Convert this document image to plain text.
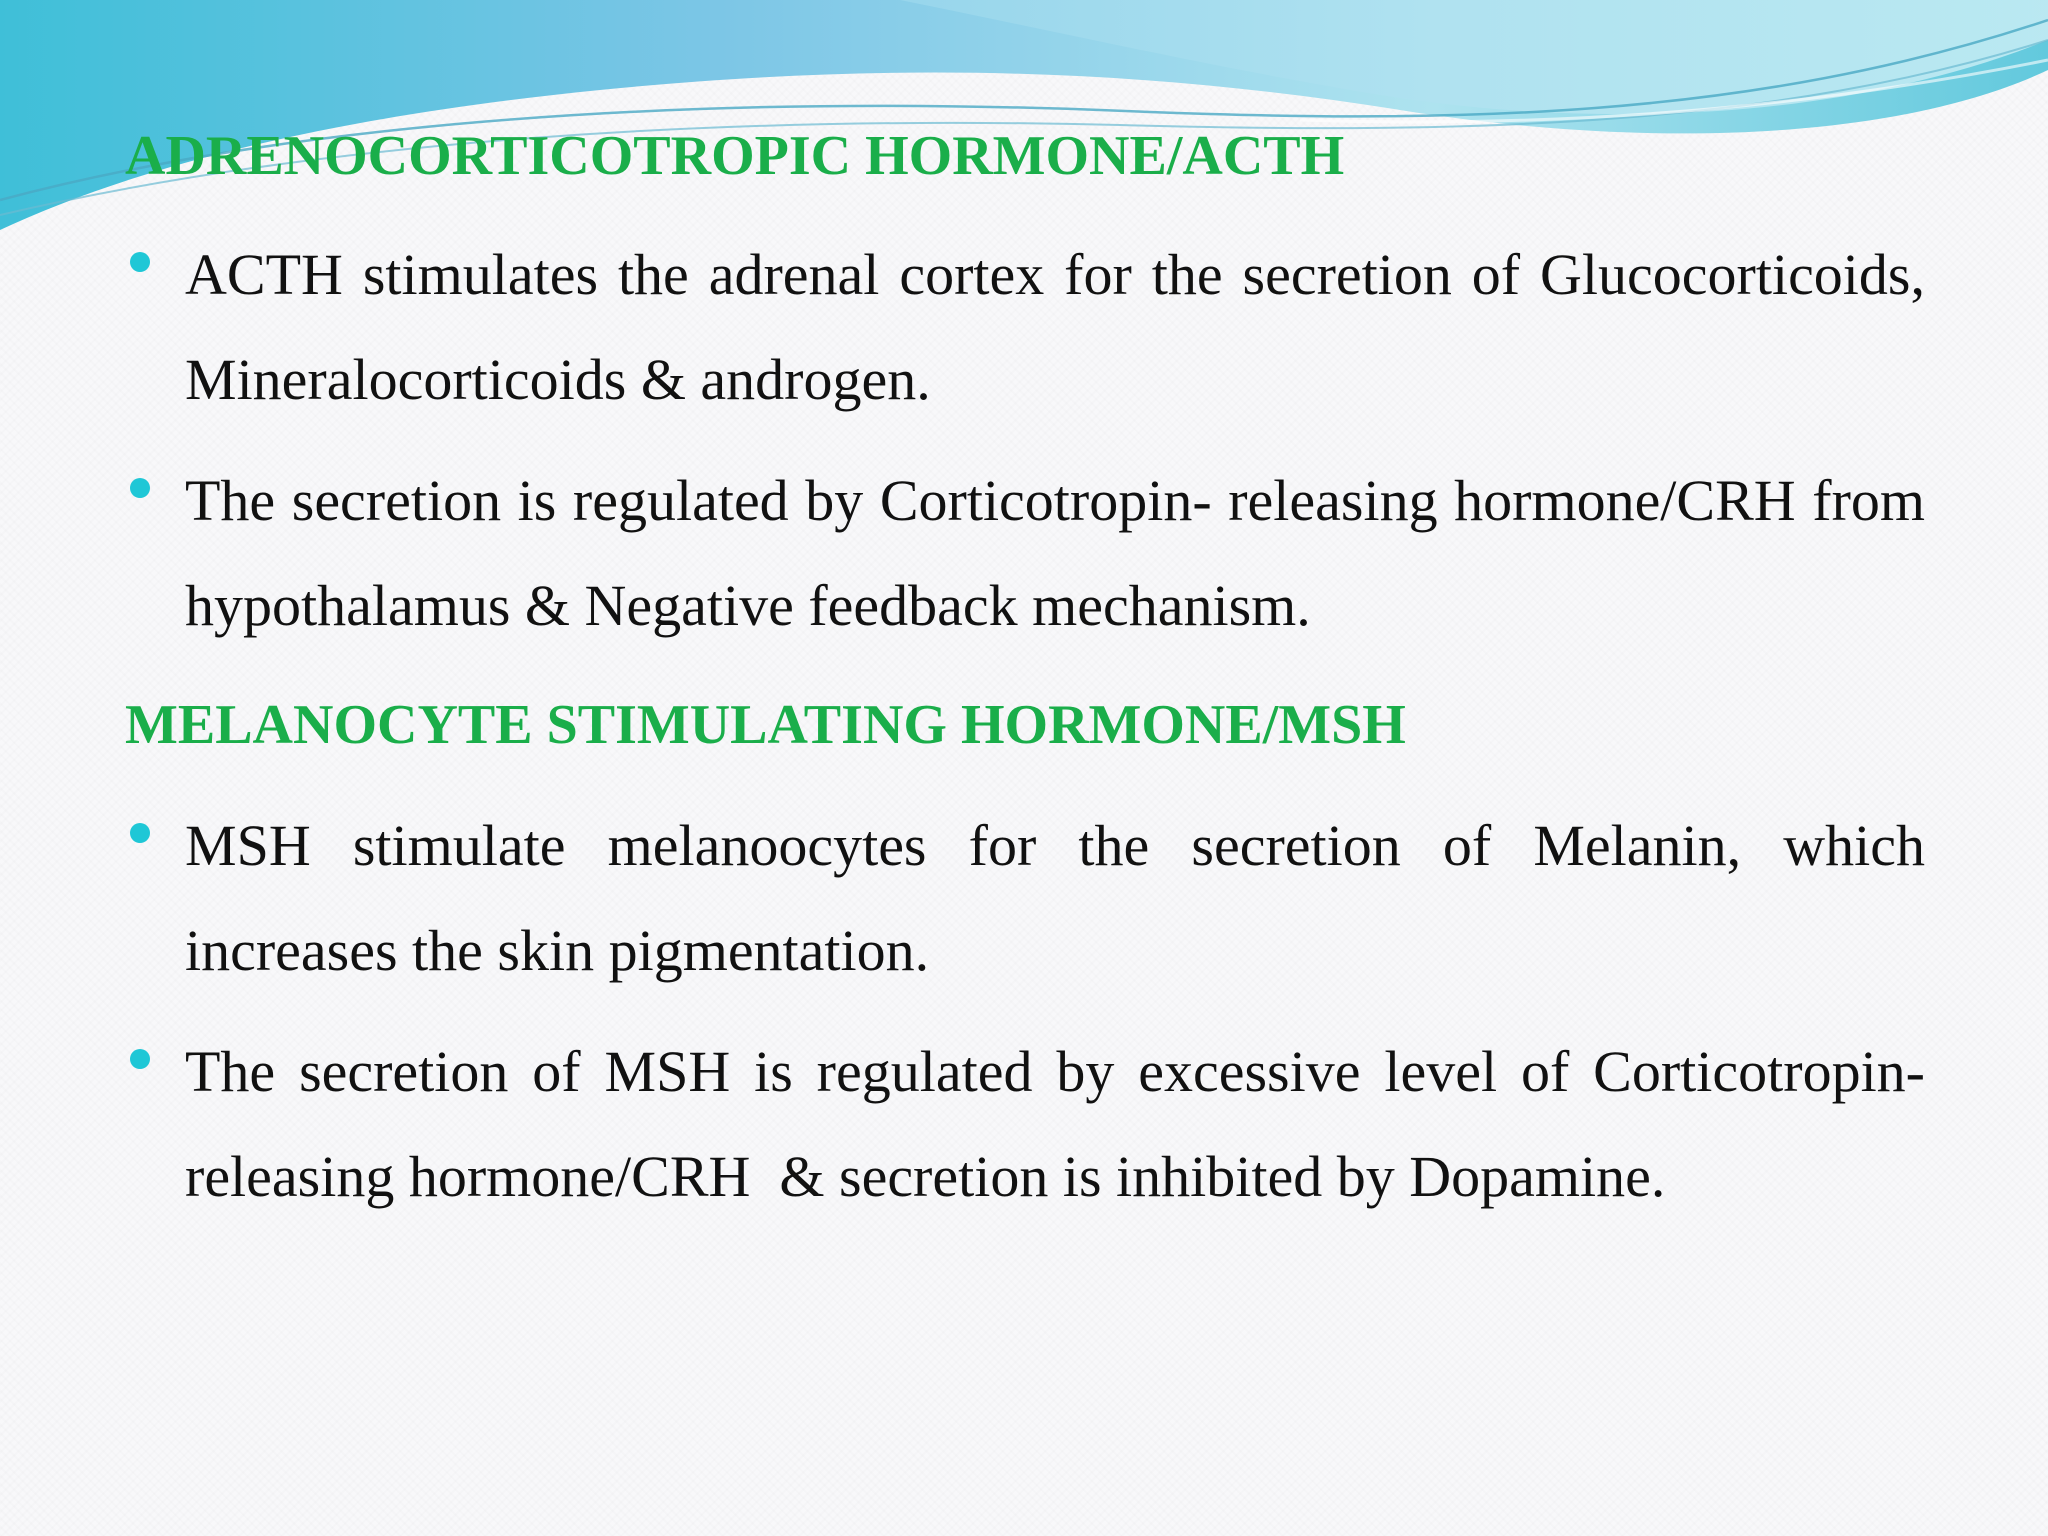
ADRENOCORTICOTROPIC HORMONE/ACTH

ACTH stimulates the adrenal cortex for the secretion of Glucocorticoids, Mineralocorticoids & androgen.

The secretion is regulated by Corticotropin- releasing hormone/CRH from hypothalamus & Negative feedback mechanism.

MELANOCYTE STIMULATING HORMONE/MSH

MSH stimulate melanoocytes for the secretion of Melanin, which increases the skin pigmentation.

The secretion of MSH is regulated by excessive level of Corticotropin- releasing hormone/CRH  & secretion is inhibited by Dopamine.
